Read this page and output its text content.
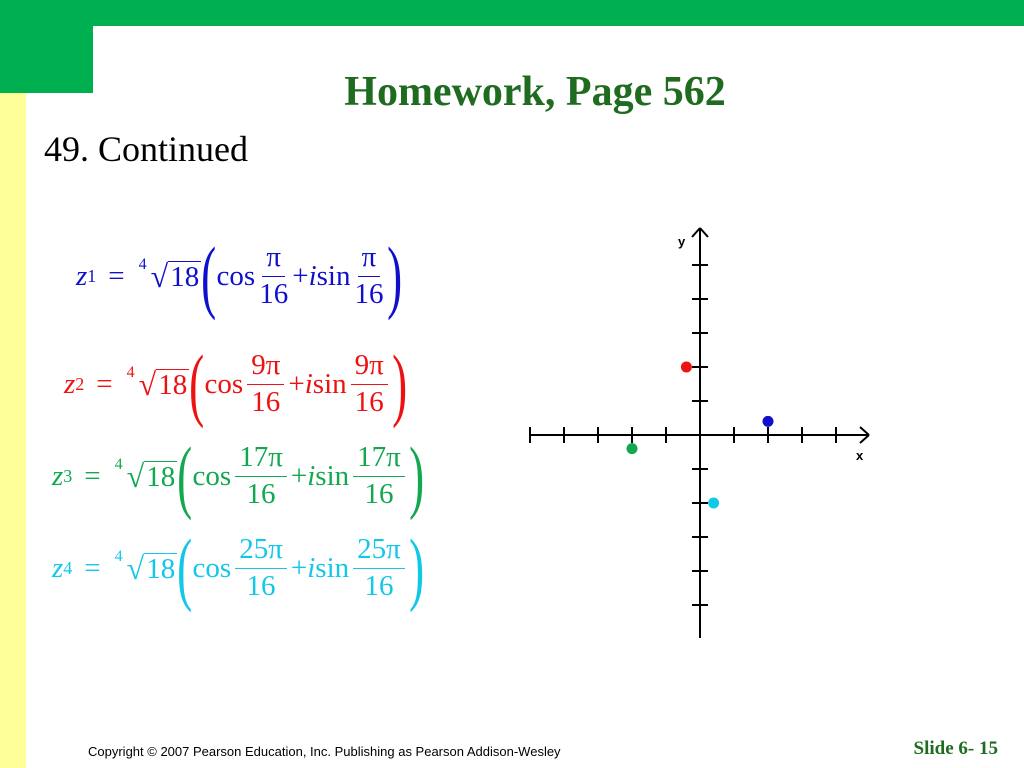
Homework, Page 562
49. Continued
z 1 = 4 √ 18 ( $\cos \frac{\pi}{16} + i$ $\sin \frac{\pi}{16}$ )
z 2 = 4 √ 18 ( $\cos \frac{9\pi}{16} + i$ $\sin \frac{9\pi}{16}$ )
z 3 = 4 √ 18 ( $\cos \frac{17\pi}{16} + i$ $\sin \frac{17\pi}{16}$ )
z 4 = 4 √ 18 ( $\cos \frac{25\pi}{16} + i$ $\sin \frac{25\pi}{16}$ )
x
y
Copyright © 2007 Pearson Education, Inc. Publishing as Pearson Addison-Wesley	Slide 6- 15
